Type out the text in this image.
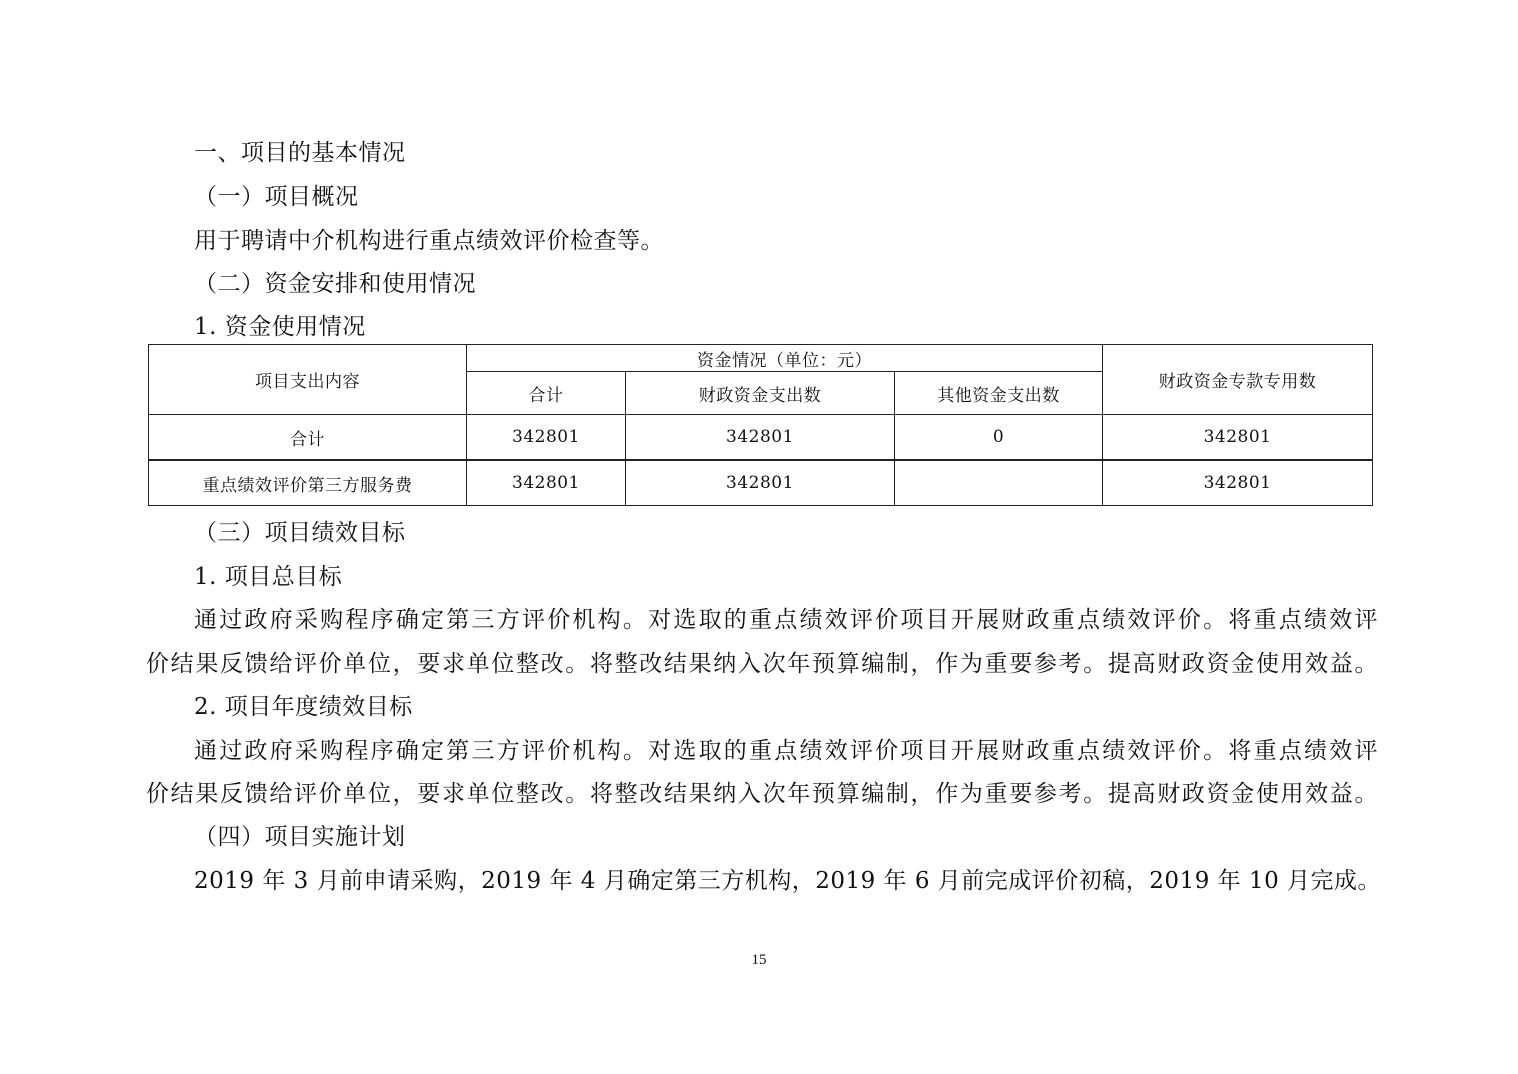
一、项目的基本情况
（一）项目概况
用于聘请中介机构进行重点绩效评价检查等。
（二）资金安排和使用情况
1. 资金使用情况
项目支出内容	资金情况（单位：元）			财政资金专款专用数
	合计	财政资金支出数	其他资金支出数	
合计	342801	342801	0	342801
重点绩效评价第三方服务费	342801	342801		342801
（三）项目绩效目标
1. 项目总目标
通过政府采购程序确定第三方评价机构。对选取的重点绩效评价项目开展财政重点绩效评价。将重点绩效评
价结果反馈给评价单位，要求单位整改。将整改结果纳入次年预算编制，作为重要参考。提高财政资金使用效益。
2. 项目年度绩效目标
通过政府采购程序确定第三方评价机构。对选取的重点绩效评价项目开展财政重点绩效评价。将重点绩效评
价结果反馈给评价单位，要求单位整改。将整改结果纳入次年预算编制，作为重要参考。提高财政资金使用效益。
（四）项目实施计划
2019 年 3 月前申请采购，2019 年 4 月确定第三方机构，2019 年 6 月前完成评价初稿，2019 年 10 月完成。
15
